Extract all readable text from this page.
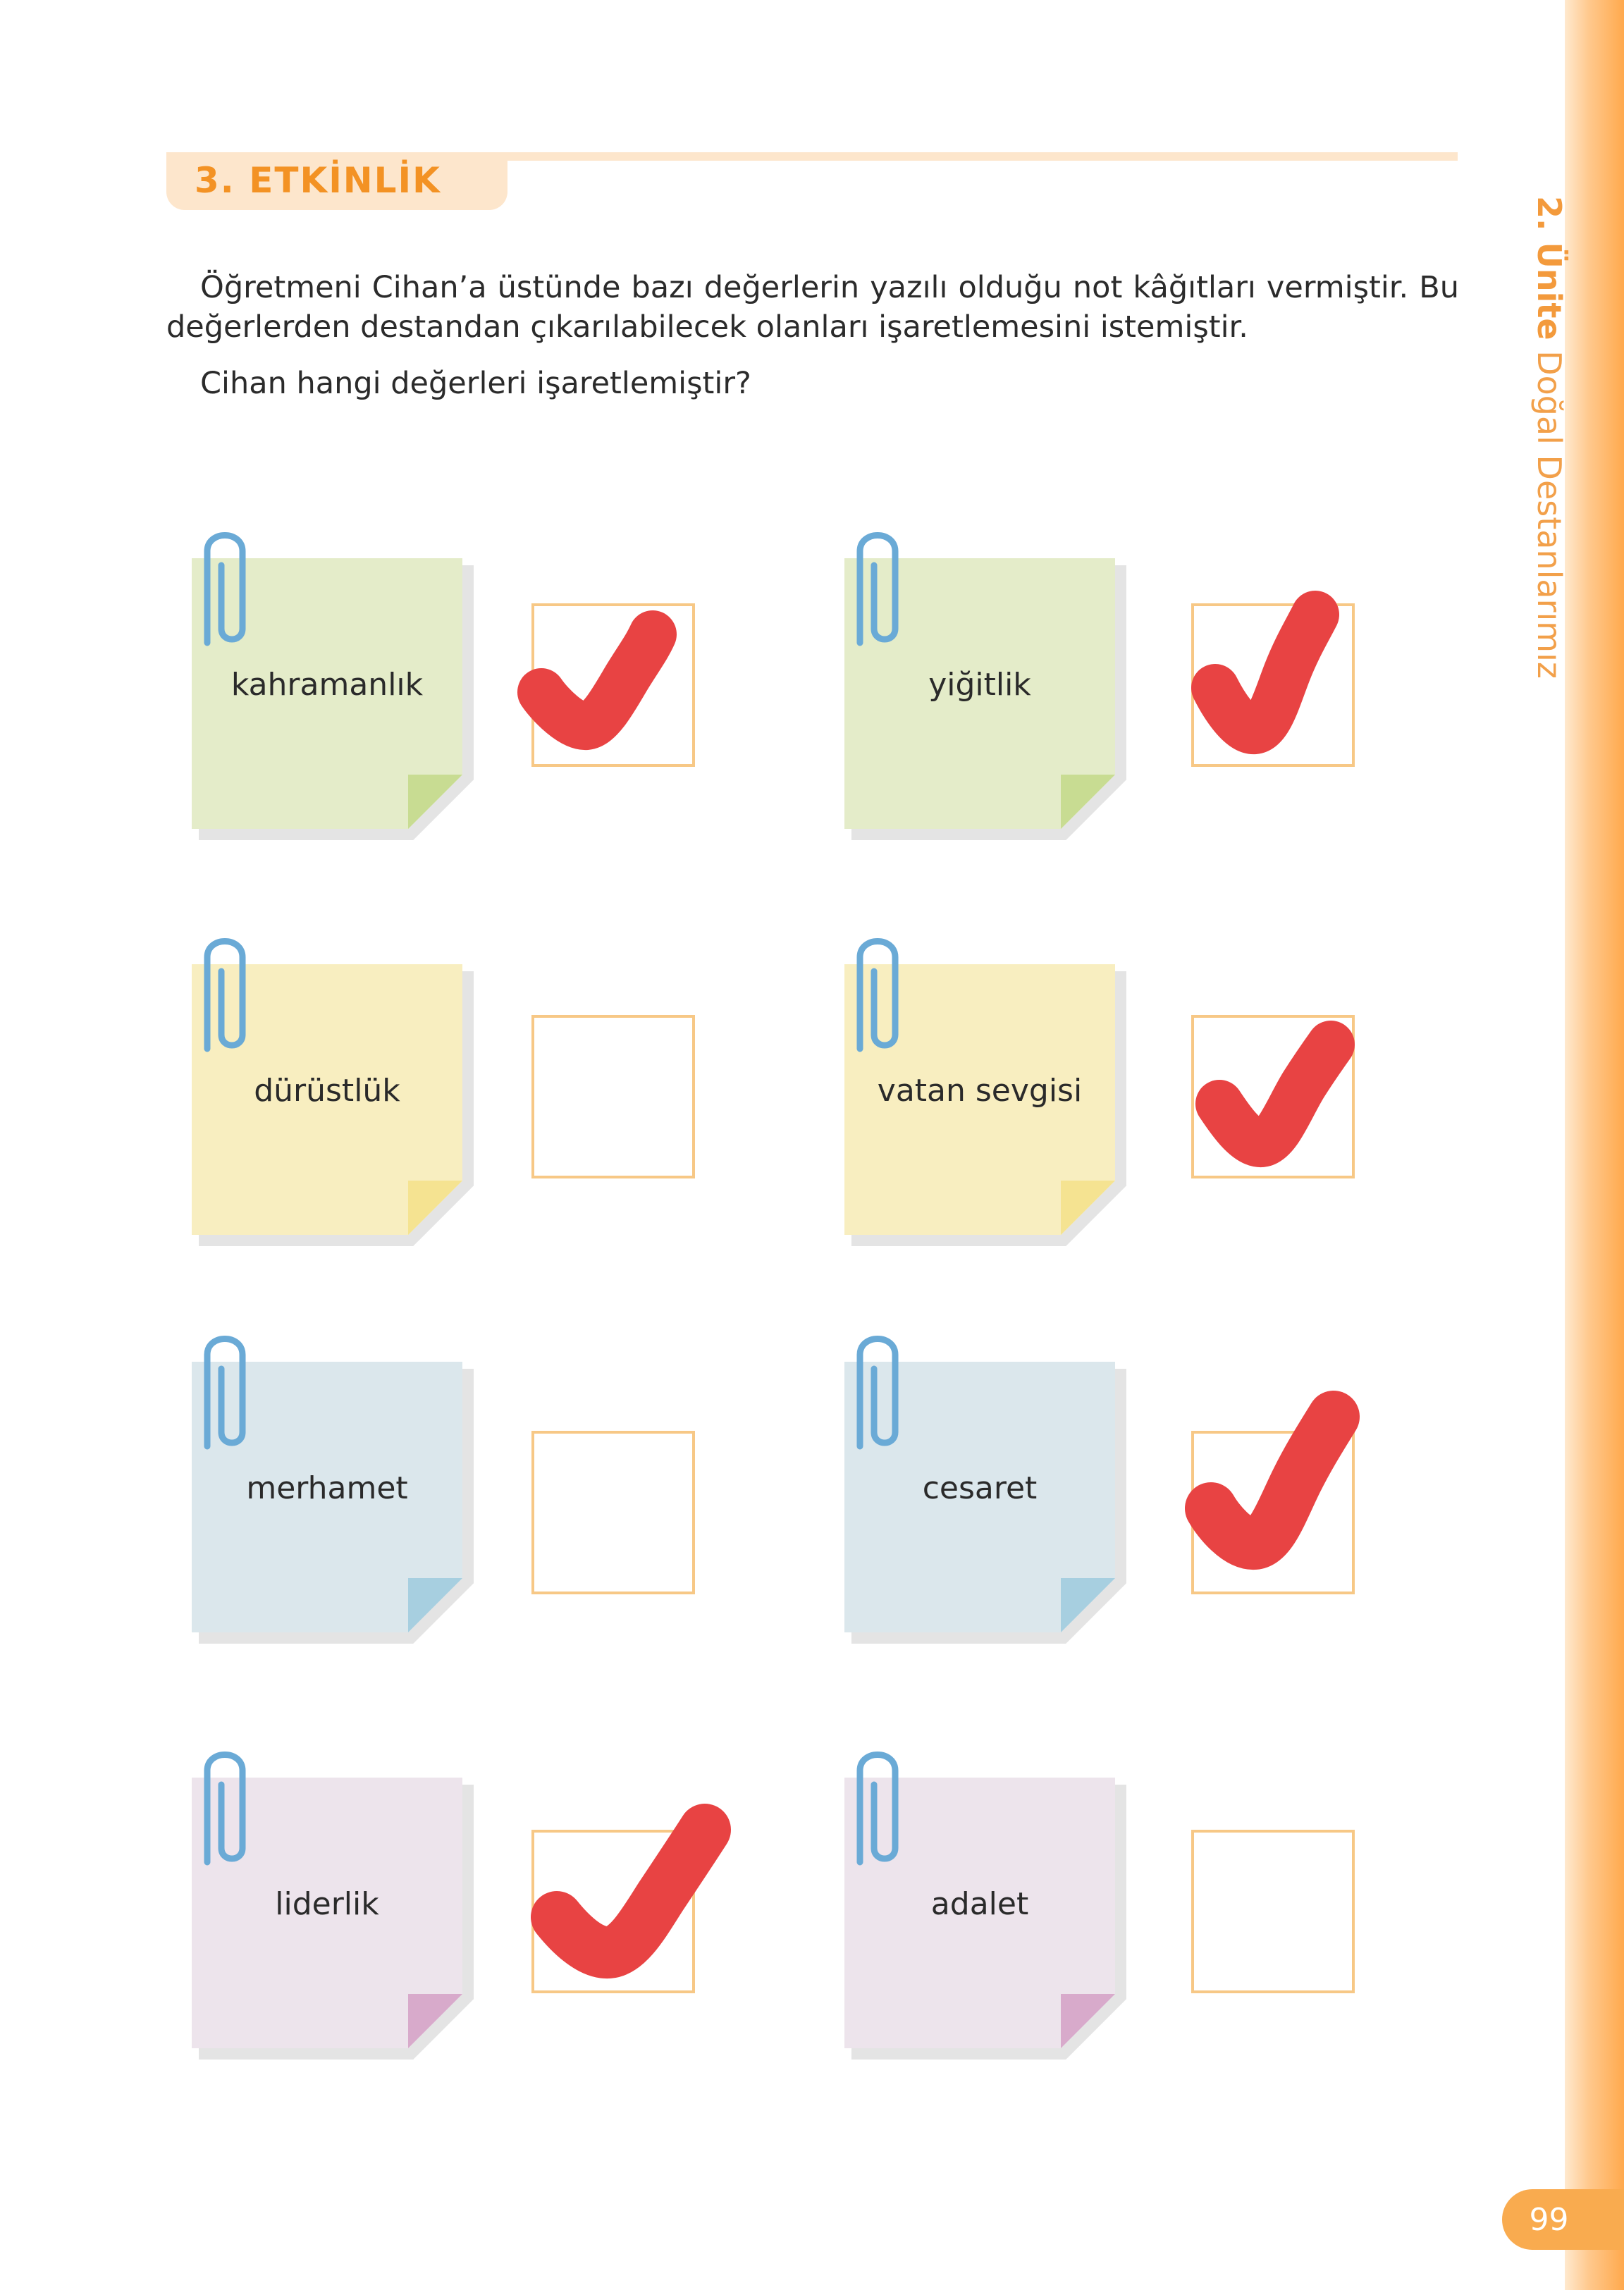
2. Ünite Doğal Destanlarımız
99
3. ETKİNLİK
Öğretmeni Cihan’a üstünde bazı değerlerin yazılı olduğu not kâğıtları vermiştir. Bu değerlerden destandan çıkarılabilecek olanları işaretlemesini istemiştir.
Cihan hangi değerleri işaretlemiştir?
kahramanlık	yiğitlik
dürüstlük	vatan sevgisi
merhamet	cesaret
liderlik	adalet
